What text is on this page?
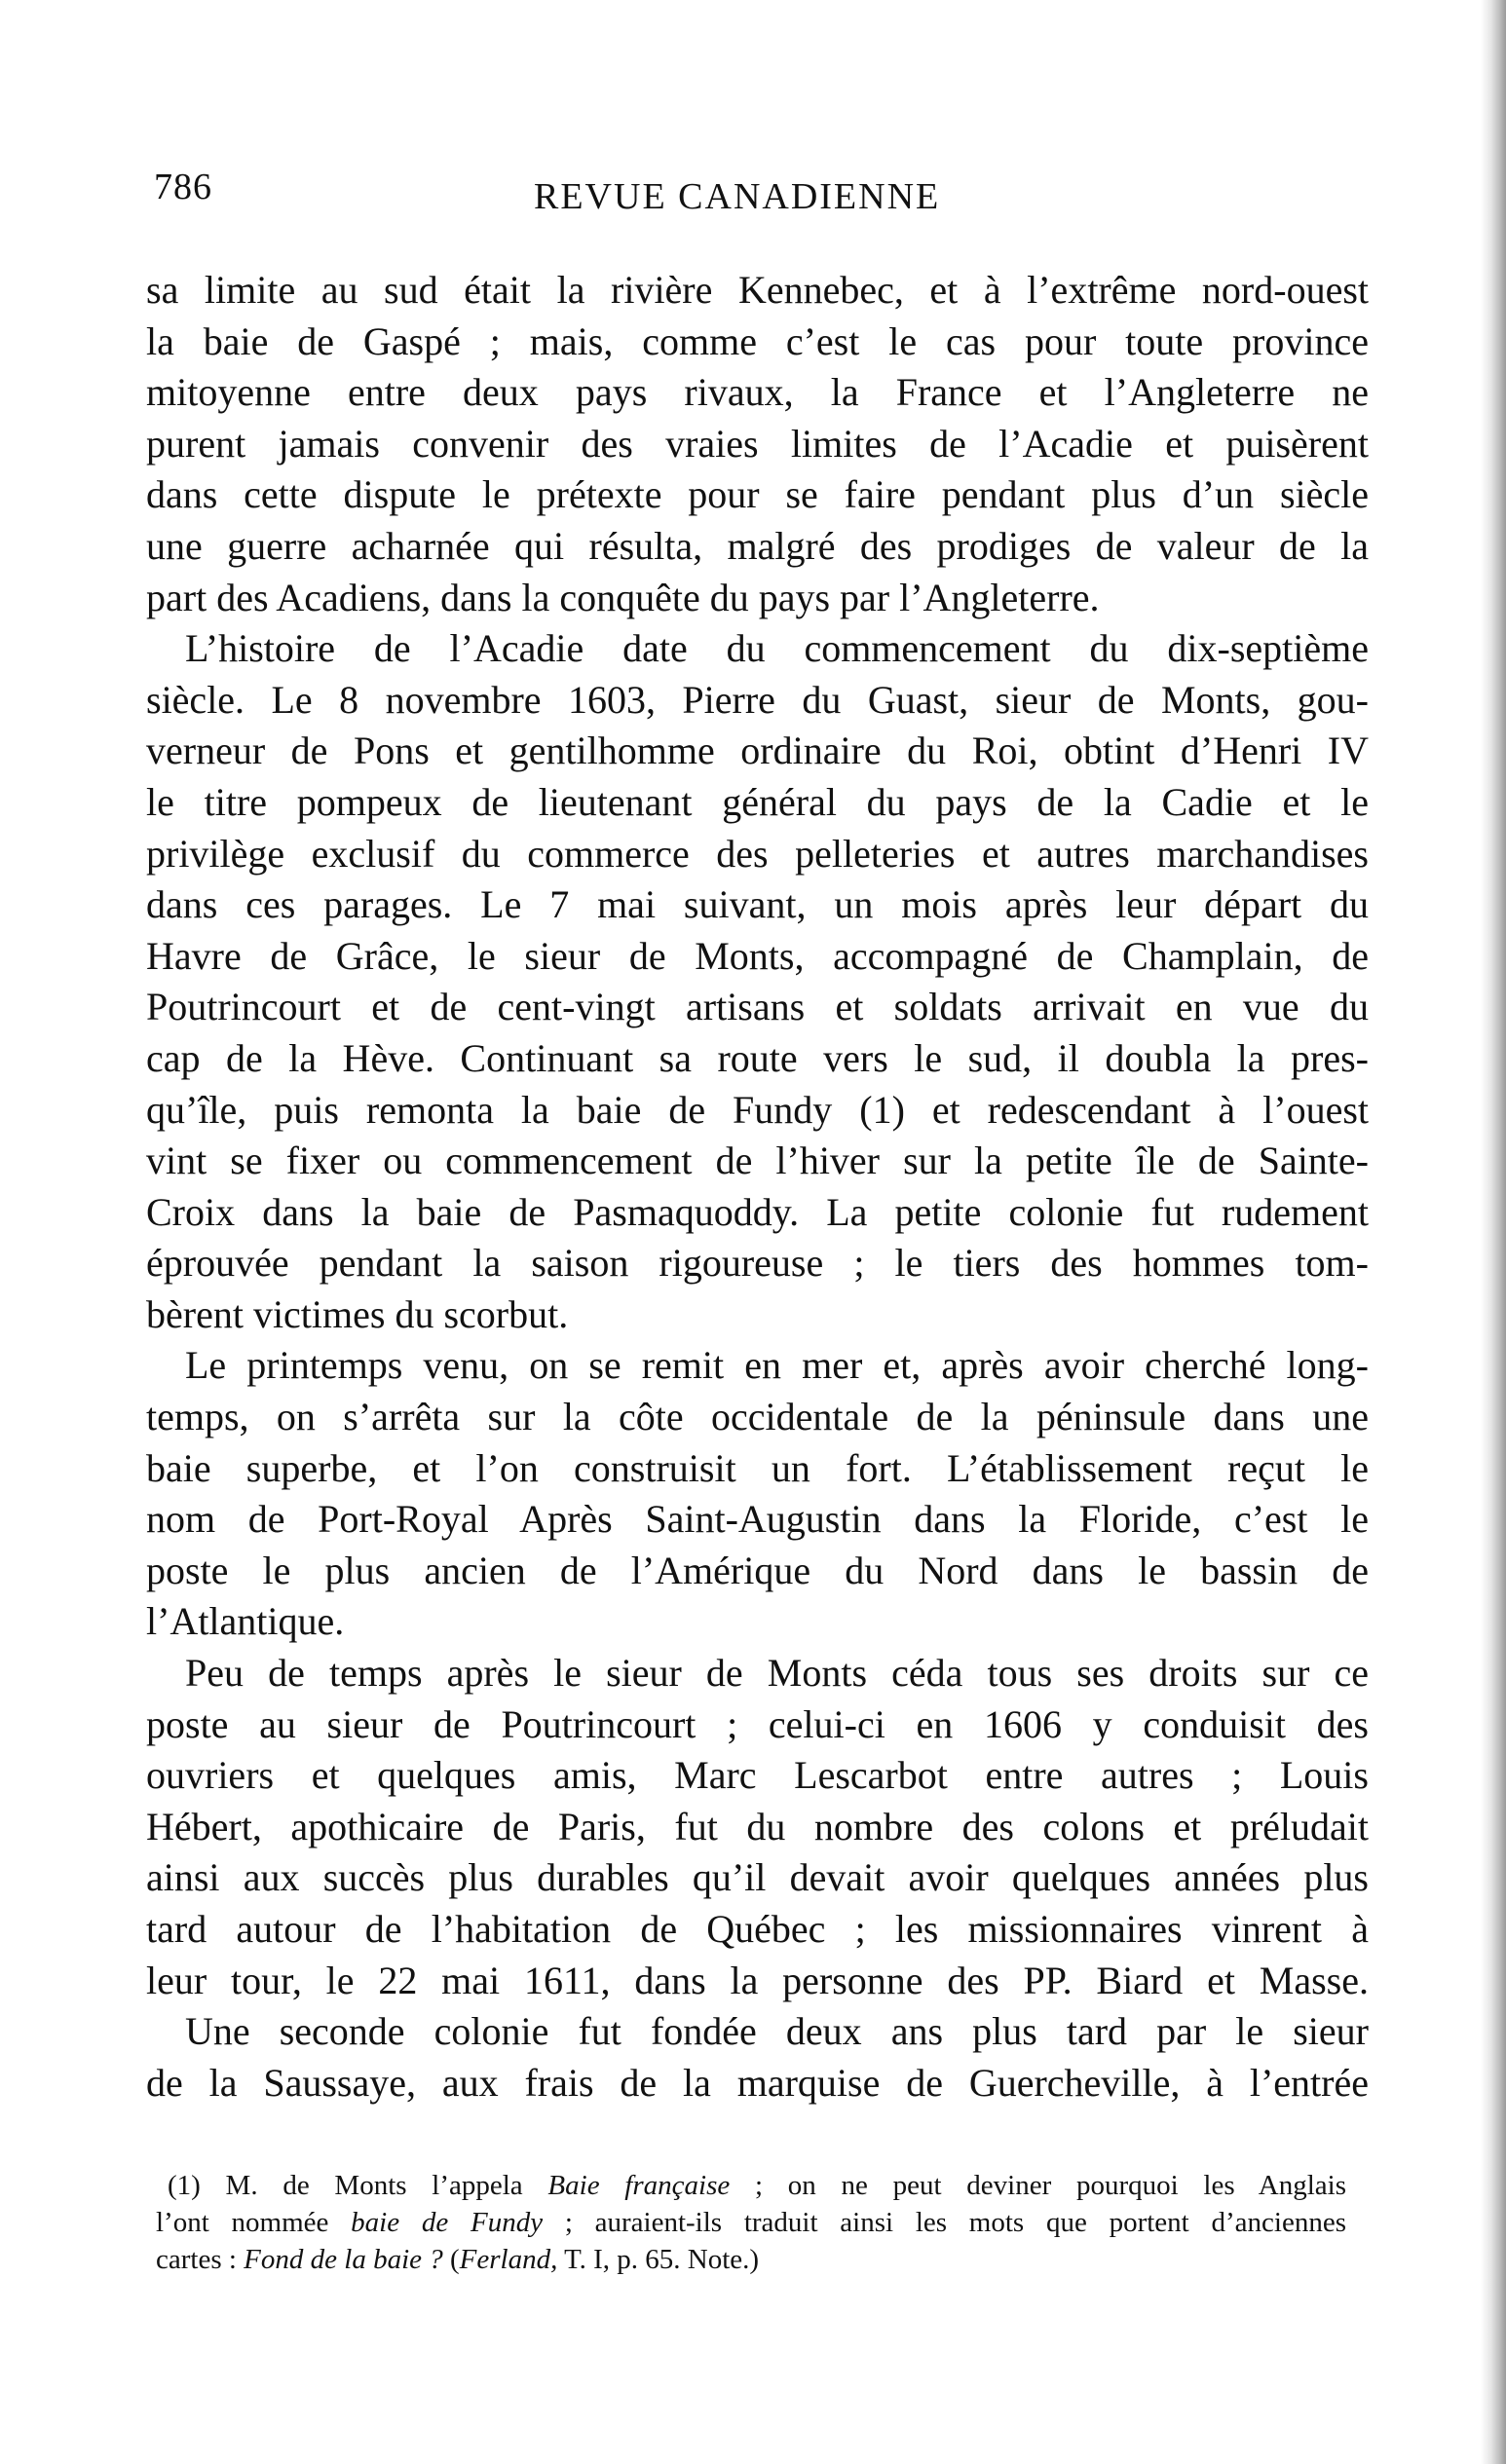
786	REVUE CANADIENNE
sa limite au sud était la rivière Kennebec, et à l’extrême nord-ouest
la baie de Gaspé ; mais, comme c’est le cas pour toute province
mitoyenne entre deux pays rivaux, la France et l’Angleterre ne
purent jamais convenir des vraies limites de l’Acadie et puisèrent
dans cette dispute le prétexte pour se faire pendant plus d’un siècle
une guerre acharnée qui résulta, malgré des prodiges de valeur de la
part des Acadiens, dans la conquête du pays par l’Angleterre.
L’histoire de l’Acadie date du commencement du dix-septième
siècle. Le 8 novembre 1603, Pierre du Guast, sieur de Monts, gou-
verneur de Pons et gentilhomme ordinaire du Roi, obtint d’Henri IV
le titre pompeux de lieutenant général du pays de la Cadie et le
privilège exclusif du commerce des pelleteries et autres marchandises
dans ces parages. Le 7 mai suivant, un mois après leur départ du
Havre de Grâce, le sieur de Monts, accompagné de Champlain, de
Poutrincourt et de cent-vingt artisans et soldats arrivait en vue du
cap de la Hève. Continuant sa route vers le sud, il doubla la pres-
qu’île, puis remonta la baie de Fundy (1) et redescendant à l’ouest
vint se fixer ou commencement de l’hiver sur la petite île de Sainte-
Croix dans la baie de Pasmaquoddy. La petite colonie fut rudement
éprouvée pendant la saison rigoureuse ; le tiers des hommes tom-
bèrent victimes du scorbut.
Le printemps venu, on se remit en mer et, après avoir cherché long-
temps, on s’arrêta sur la côte occidentale de la péninsule dans une
baie superbe, et l’on construisit un fort. L’établissement reçut le
nom de Port-Royal Après Saint-Augustin dans la Floride, c’est le
poste le plus ancien de l’Amérique du Nord dans le bassin de
l’Atlantique.
Peu de temps après le sieur de Monts céda tous ses droits sur ce
poste au sieur de Poutrincourt ; celui-ci en 1606 y conduisit des
ouvriers et quelques amis, Marc Lescarbot entre autres ; Louis
Hébert, apothicaire de Paris, fut du nombre des colons et préludait
ainsi aux succès plus durables qu’il devait avoir quelques années plus
tard autour de l’habitation de Québec ; les missionnaires vinrent à
leur tour, le 22 mai 1611, dans la personne des PP. Biard et Masse.
Une seconde colonie fut fondée deux ans plus tard par le sieur
de la Saussaye, aux frais de la marquise de Guercheville, à l’entrée
(1) M. de Monts l’appela Baie française ; on ne peut deviner pourquoi les Anglais
l’ont nommée baie de Fundy ; auraient-ils traduit ainsi les mots que portent d’anciennes
cartes : Fond de la baie ? (Ferland, T. I, p. 65. Note.)
